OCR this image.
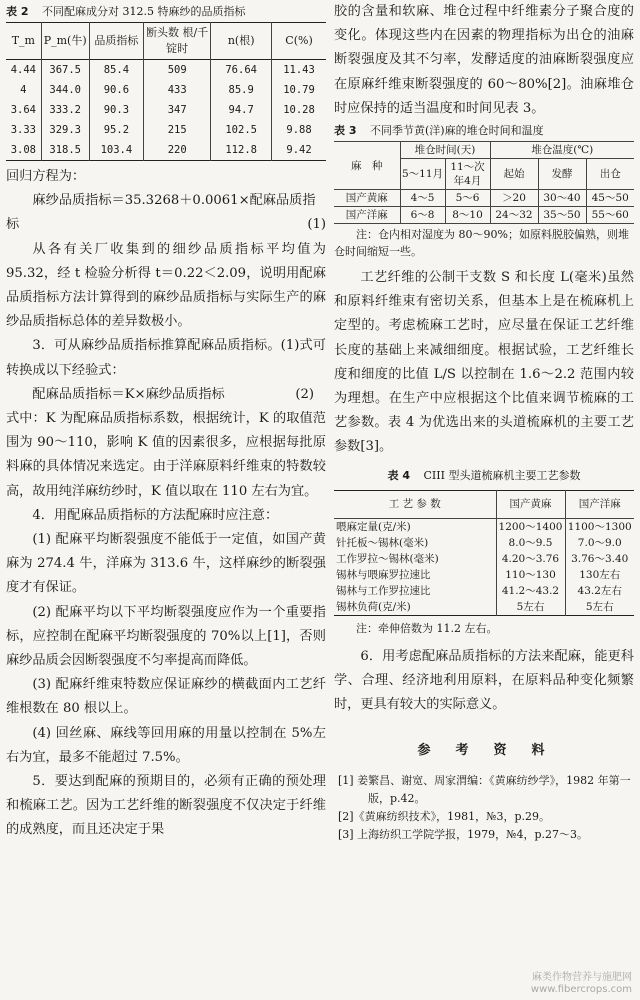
表 2 不同配麻成分对 312.5 特麻纱的品质指标
T_m	P_m(牛)	品质指标	断头数 根/千锭时	n(根)	C(%)
4.44	367.5	85.4	509	76.64	11.43
4	344.0	90.6	433	85.9	10.79
3.64	333.2	90.3	347	94.7	10.28
3.33	329.3	95.2	215	102.5	9.88
3.08	318.5	103.4	220	112.8	9.42
回归方程为：
麻纱品质指标＝35.3268＋0.0061×配麻品质指标	(1)
从各有关厂收集到的细纱品质指标平均值为 95.32，经 t 检验分析得 t＝0.22＜2.09，说明用配麻品质指标方法计算得到的麻纱品质指标与实际生产的麻纱品质指标总体的差异数极小。
3．可从麻纱品质指标推算配麻品质指标。(1)式可转换成以下经验式：
配麻品质指标＝K×麻纱品质指标	(2)
式中：K 为配麻品质指标系数，根据统计，K 的取值范围为 90～110，影响 K 值的因素很多，应根据每批原料麻的具体情况来选定。由于洋麻原料纤维束的特数较高，故用纯洋麻纺纱时，K 值以取在 110 左右为宜。
4．用配麻品质指标的方法配麻时应注意：
(1) 配麻平均断裂强度不能低于一定值，如国产黄麻为 274.4 牛，洋麻为 313.6 牛，这样麻纱的断裂强度才有保证。
(2) 配麻平均以下平均断裂强度应作为一个重要指标，应控制在配麻平均断裂强度的 70%以上[1]，否则麻纱品质会因断裂强度不匀率提高而降低。
(3) 配麻纤维束特数应保证麻纱的横截面内工艺纤维根数在 80 根以上。
(4) 回丝麻、麻线等回用麻的用量以控制在 5%左右为宜，最多不能超过 7.5%。
5．要达到配麻的预期目的，必须有正确的预处理和梳麻工艺。因为工艺纤维的断裂强度不仅决定于纤维的成熟度，而且还决定于果
胶的含量和软麻、堆仓过程中纤维素分子聚合度的变化。体现这些内在因素的物理指标为出仓的油麻断裂强度及其不匀率，发酵适度的油麻断裂强度应在原麻纤维束断裂强度的 60～80%[2]。油麻堆仓时应保持的适当温度和时间见表 3。
表 3 不同季节黄(洋)麻的堆仓时间和温度
麻　种	堆仓时间(天)		堆仓温度(℃)		
	5～11月	11～次年4月	起始	发酵	出仓
国产黄麻	4～5	5～6	＞20	30～40	45～50
国产洋麻	6～8	8～10	24～32	35～50	55～60
注：仓内相对湿度为 80～90%；如原料脱胶偏熟，则堆仓时间缩短一些。
工艺纤维的公制干支数 S 和长度 L(毫米)虽然和原料纤维束有密切关系，但基本上是在梳麻机上定型的。考虑梳麻工艺时，应尽量在保证工艺纤维长度的基础上来减细细度。根据试验，工艺纤维长度和细度的比值 L/S 以控制在 1.6～2.2 范围内较为理想。在生产中应根据这个比值来调节梳麻的工艺参数。表 4 为优选出来的头道梳麻机的主要工艺参数[3]。
表 4 CIII 型头道梳麻机主要工艺参数
工 艺 参 数	国产黄麻	国产洋麻
喂麻定量(克/米)	1200～1400	1100～1300
针托板～锡林(毫米)	8.0～9.5	7.0～9.0
工作罗拉～锡林(毫米)	4.20～3.76	3.76～3.40
锡林与喂麻罗拉速比	110～130	130左右
锡林与工作罗拉速比	41.2～43.2	43.2左右
锡林负荷(克/米)	5左右	5左右
注：牵伸倍数为 11.2 左右。
6．用考虑配麻品质指标的方法来配麻，能更科学、合理、经济地利用原料，在原料品种变化频繁时，更具有较大的实际意义。
参　考　资　料
[1] 姜繁昌、谢宽、周家渭编：《黄麻纺纱学》，1982 年第一版，p.42。
[2]《黄麻纺织技术》，1981，№3，p.29。
[3] 上海纺织工学院学报，1979，№4，p.27～3。
麻类作物营养与施肥网
www.fibercrops.com
